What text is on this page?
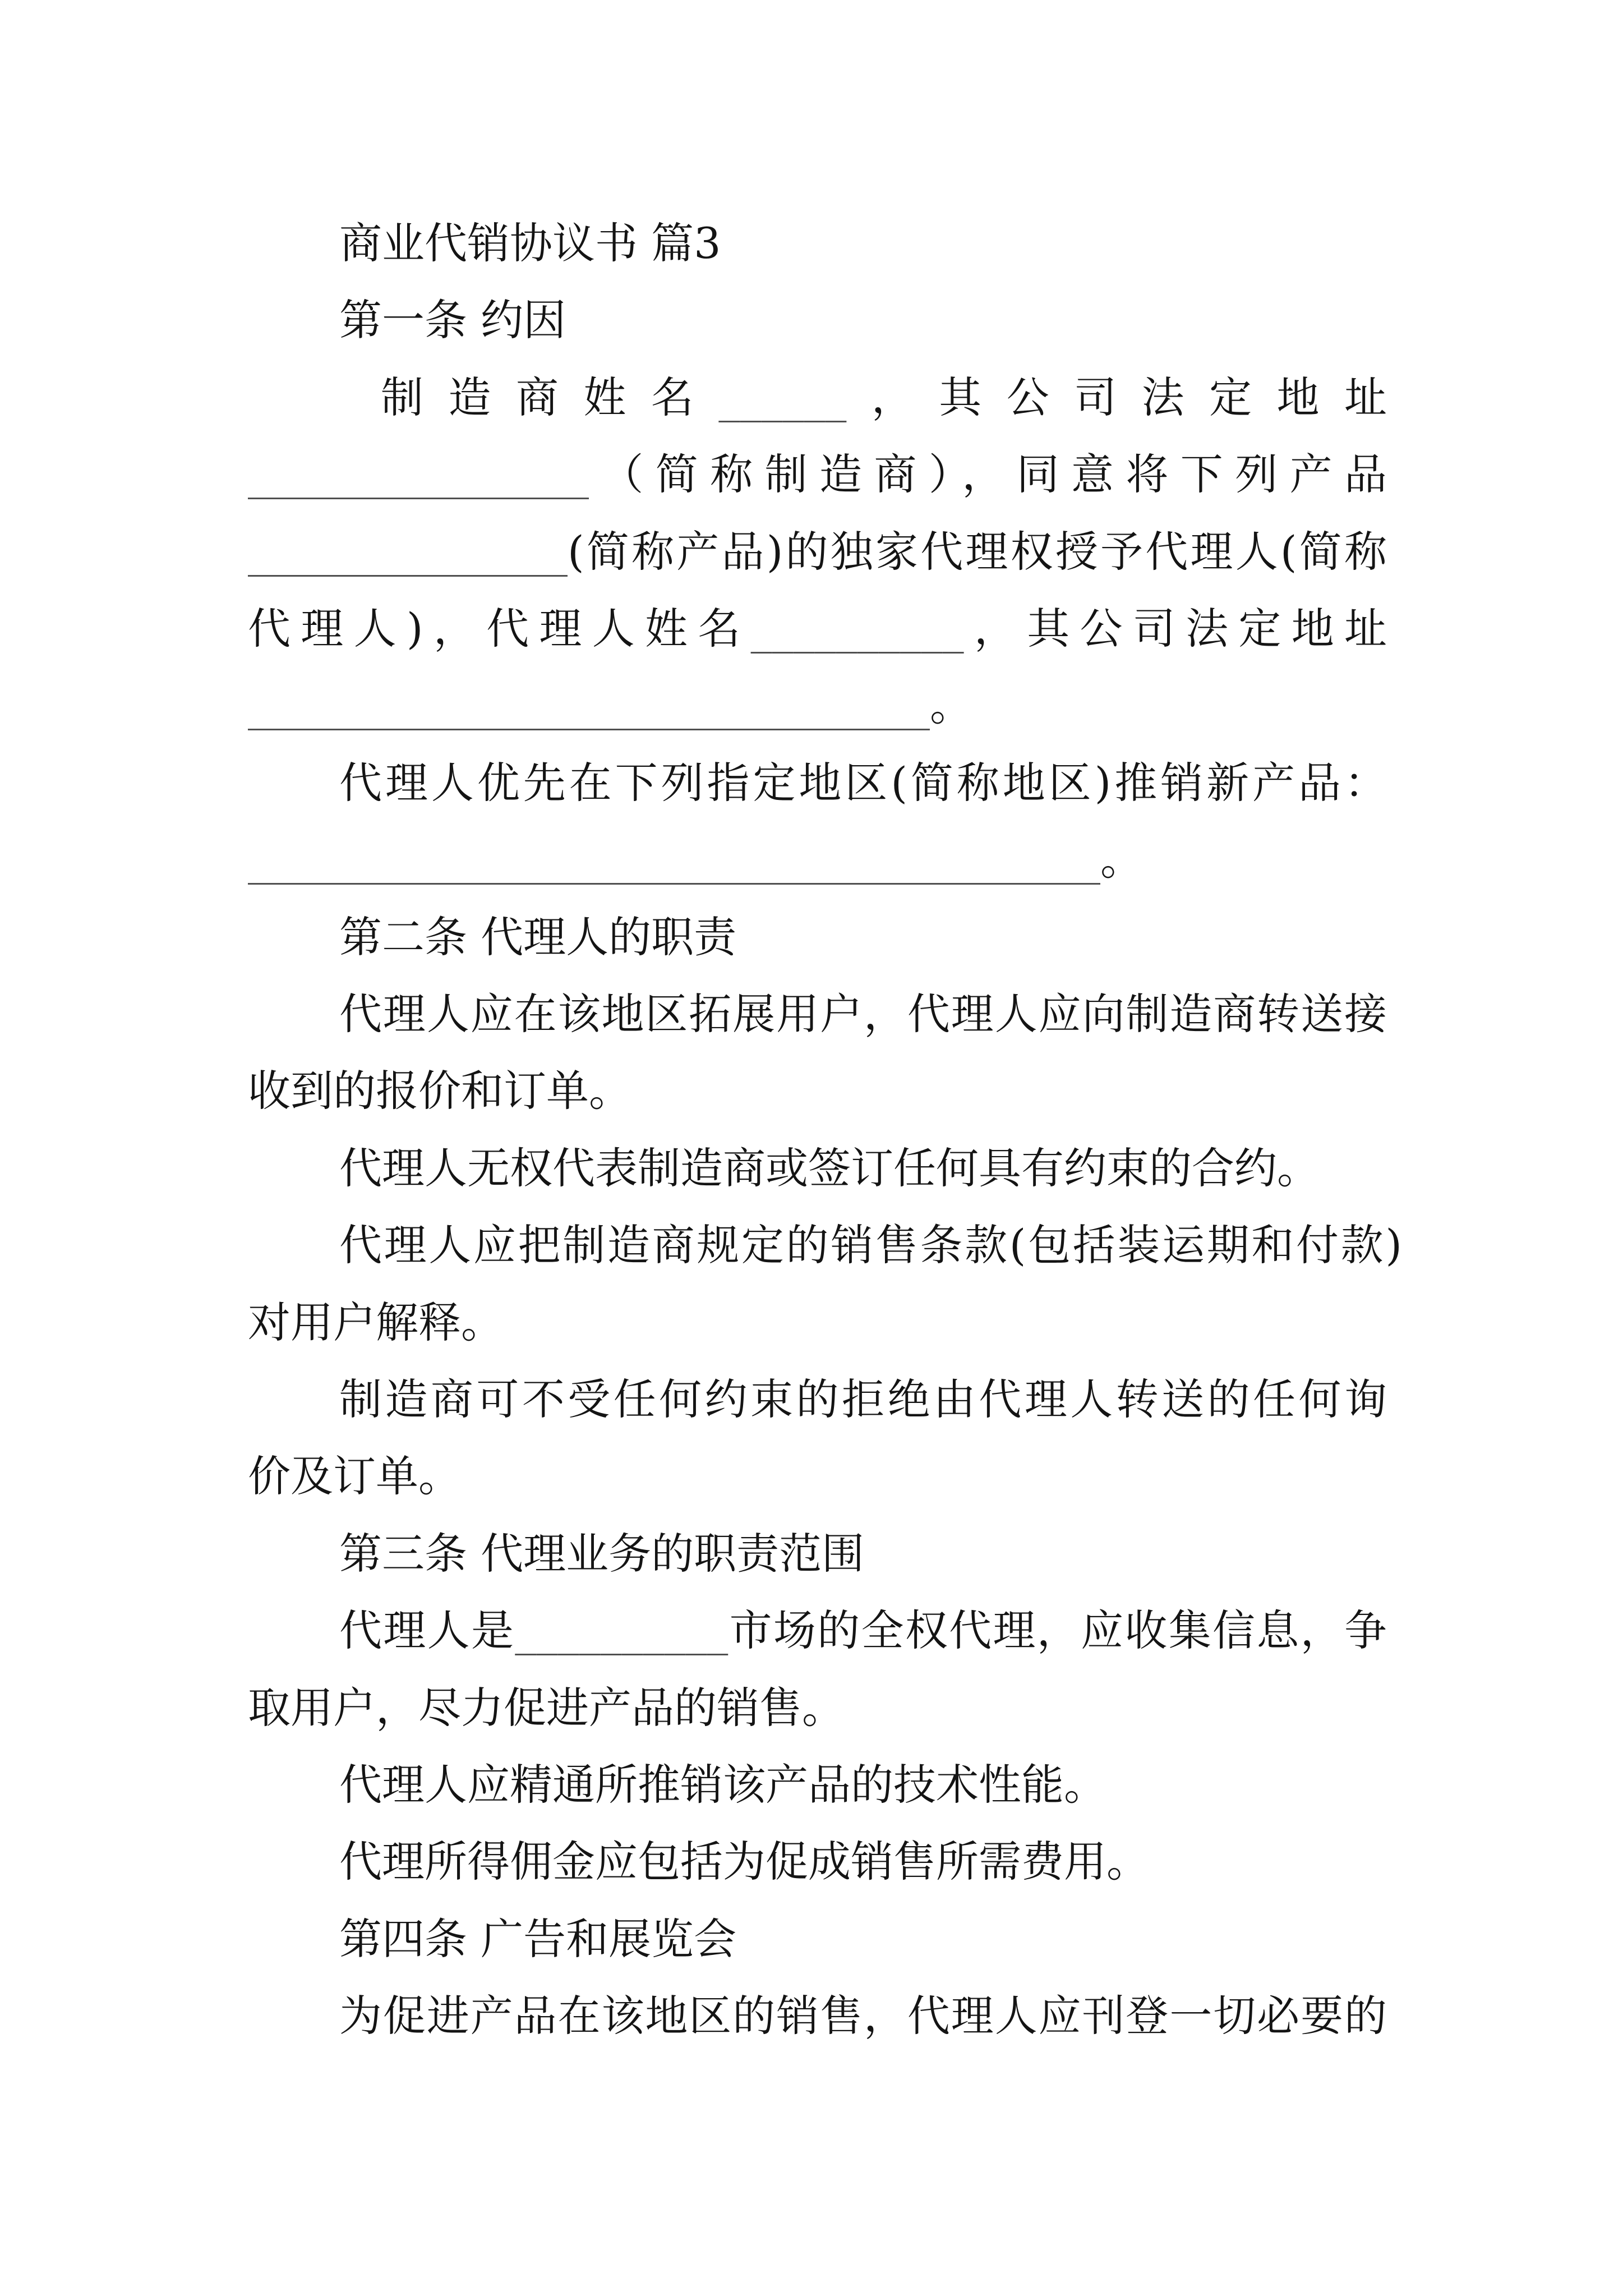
商业代销协议书 篇3
第一条 约因
制造商姓名______，其公司法定地址
________________（简称制造商），同意将下列产品
_______________(简称产品)的独家代理权授予代理人(简称
代理人)，代理人姓名__________，其公司法定地址
________________________________。
代理人优先在下列指定地区(简称地区)推销新产品：
________________________________________。
第二条 代理人的职责
代理人应在该地区拓展用户，代理人应向制造商转送接
收到的报价和订单。
代理人无权代表制造商或签订任何具有约束的合约。
代理人应把制造商规定的销售条款(包括装运期和付款)
对用户解释。
制造商可不受任何约束的拒绝由代理人转送的任何询
价及订单。
第三条 代理业务的职责范围
代理人是__________市场的全权代理，应收集信息，争
取用户，尽力促进产品的销售。
代理人应精通所推销该产品的技术性能。
代理所得佣金应包括为促成销售所需费用。
第四条 广告和展览会
为促进产品在该地区的销售，代理人应刊登一切必要的
